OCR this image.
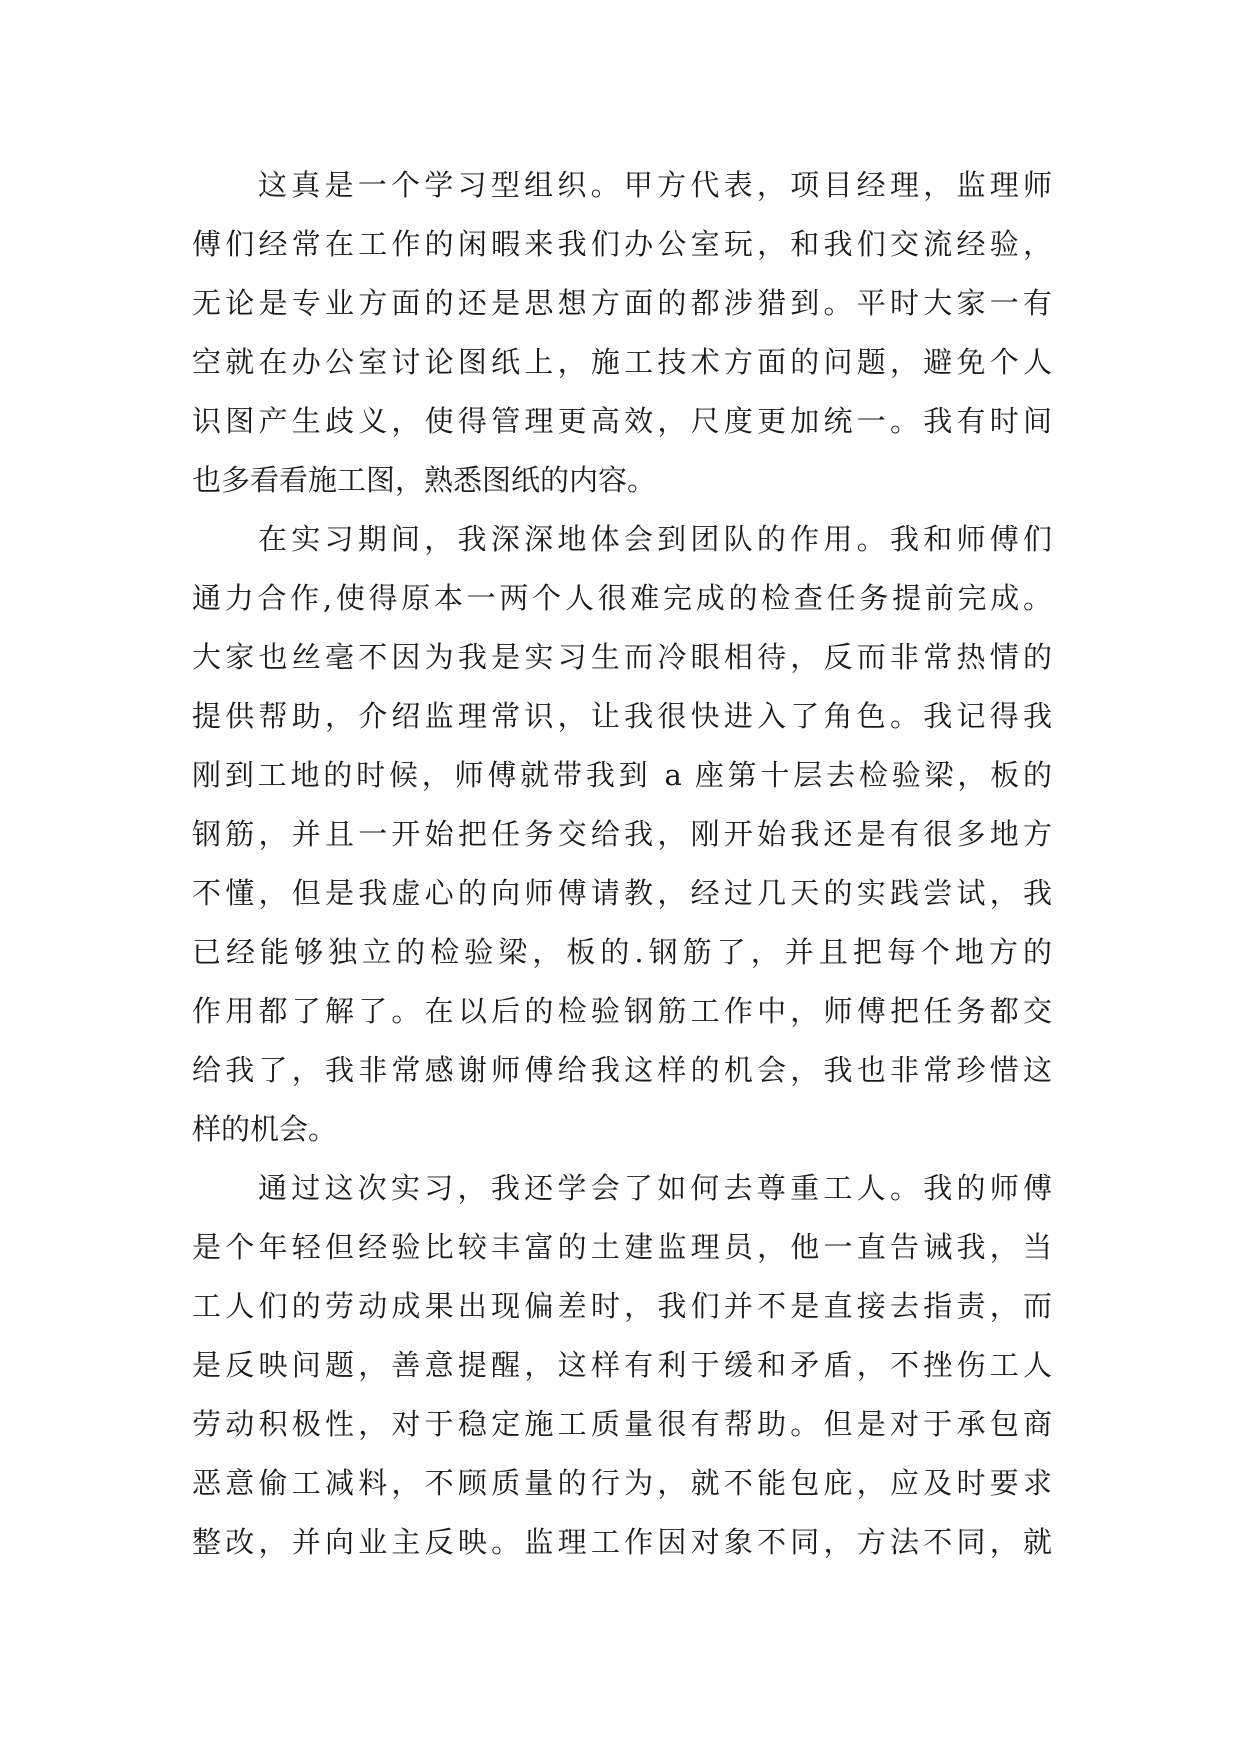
这真是一个学习型组织。甲方代表，项目经理，监理师
傅们经常在工作的闲暇来我们办公室玩，和我们交流经验，
无论是专业方面的还是思想方面的都涉猎到。平时大家一有
空就在办公室讨论图纸上，施工技术方面的问题，避免个人
识图产生歧义，使得管理更高效，尺度更加统一。我有时间
也多看看施工图，熟悉图纸的内容。
在实习期间，我深深地体会到团队的作用。我和师傅们
通力合作,使得原本一两个人很难完成的检查任务提前完成。
大家也丝毫不因为我是实习生而冷眼相待，反而非常热情的
提供帮助，介绍监理常识，让我很快进入了角色。我记得我
刚到工地的时候，师傅就带我到 a 座第十层去检验梁，板的
钢筋，并且一开始把任务交给我，刚开始我还是有很多地方
不懂，但是我虚心的向师傅请教，经过几天的实践尝试，我
已经能够独立的检验梁，板的.钢筋了，并且把每个地方的
作用都了解了。在以后的检验钢筋工作中，师傅把任务都交
给我了，我非常感谢师傅给我这样的机会，我也非常珍惜这
样的机会。
通过这次实习，我还学会了如何去尊重工人。我的师傅
是个年轻但经验比较丰富的土建监理员，他一直告诫我，当
工人们的劳动成果出现偏差时，我们并不是直接去指责，而
是反映问题，善意提醒，这样有利于缓和矛盾，不挫伤工人
劳动积极性，对于稳定施工质量很有帮助。但是对于承包商
恶意偷工减料，不顾质量的行为，就不能包庇，应及时要求
整改，并向业主反映。监理工作因对象不同，方法不同，就
